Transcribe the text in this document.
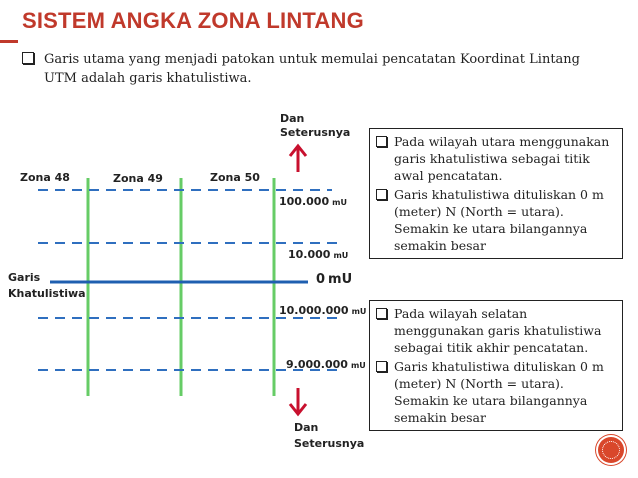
SISTEM ANGKA ZONA LINTANG
Garis utama yang menjadi patokan untuk memulai pencatatan Koordinat Lintang UTM adalah garis khatulistiwa.
Dan
Seterusnya
Zona 48	Zona 49	Zona 50
100.000 mU
10.000 mU
0 mU
10.000.000 mU
9.000.000 mU
Garis
Khatulistiwa
Dan
Seterusnya
Pada wilayah utara menggunakan garis khatulistiwa sebagai titik awal pencatatan.
Garis khatulistiwa dituliskan 0 m (meter) N (North = utara). Semakin ke utara bilangannya semakin besar
Pada wilayah selatan menggunakan garis khatulistiwa sebagai titik akhir pencatatan.
Garis khatulistiwa dituliskan 0 m (meter) N (North = utara). Semakin ke utara bilangannya semakin besar
